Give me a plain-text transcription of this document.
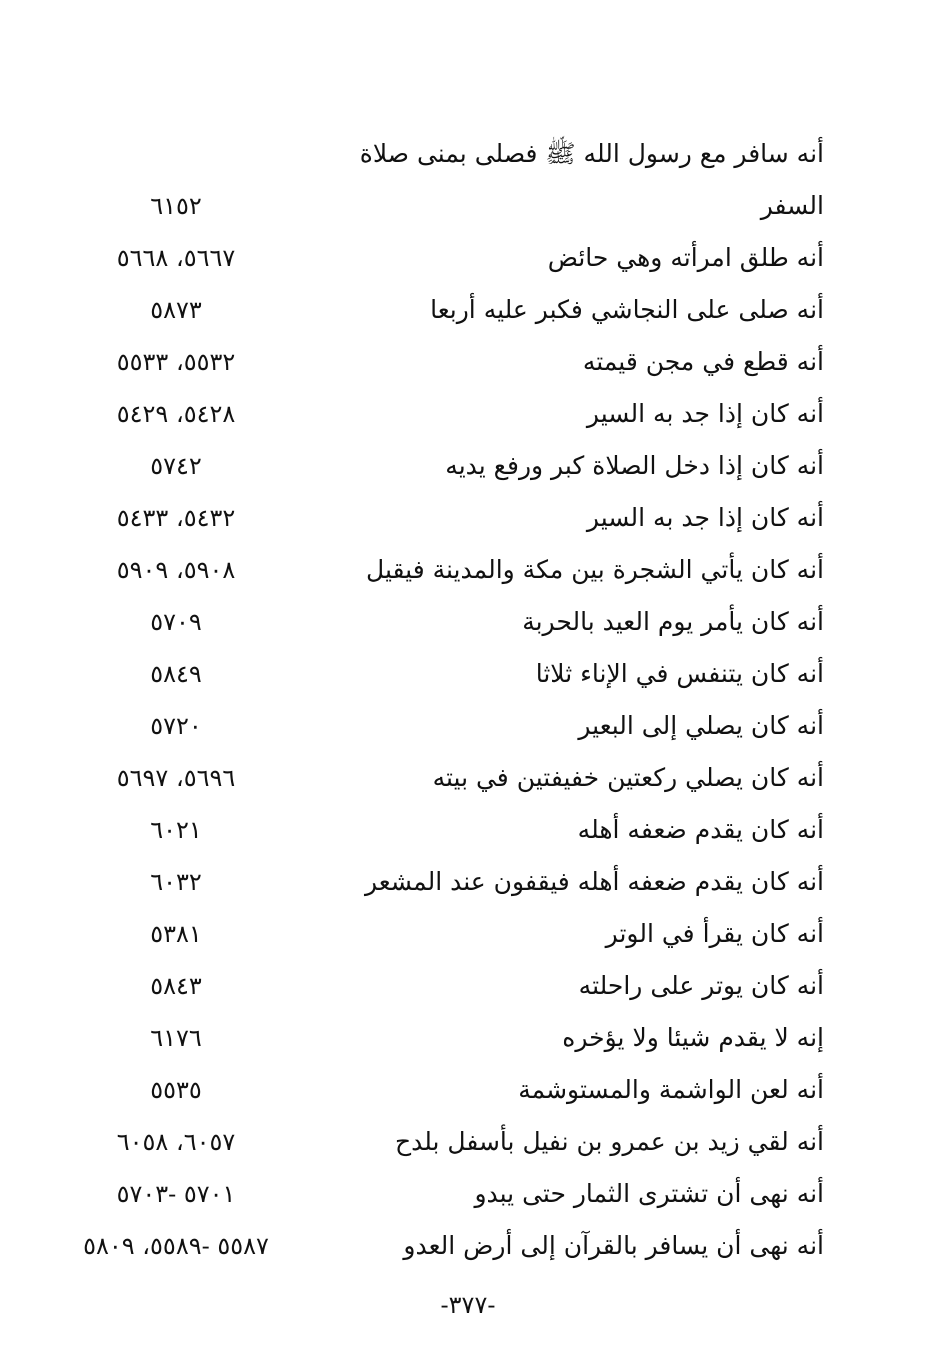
أنه سافر مع رسول الله ﷺ فصلى بمنى صلاة
السفر
٦١٥٢
أنه طلق امرأته وهي حائض
٥٦٦٧، ٥٦٦٨
أنه صلى على النجاشي فكبر عليه أربعا
٥٨٧٣
أنه قطع في مجن قيمته
٥٥٣٢، ٥٥٣٣
أنه كان إذا جد به السير
٥٤٢٨، ٥٤٢٩
أنه كان إذا دخل الصلاة كبر ورفع يديه
٥٧٤٢
أنه كان إذا جد به السير
٥٤٣٢، ٥٤٣٣
أنه كان يأتي الشجرة بين مكة والمدينة فيقيل
٥٩٠٨، ٥٩٠٩
أنه كان يأمر يوم العيد بالحربة
٥٧٠٩
أنه كان يتنفس في الإناء ثلاثا
٥٨٤٩
أنه كان يصلي إلى البعير
٥٧٢٠
أنه كان يصلي ركعتين خفيفتين في بيته
٥٦٩٦، ٥٦٩٧
أنه كان يقدم ضعفه أهله
٦٠٢١
أنه كان يقدم ضعفه أهله فيقفون عند المشعر
٦٠٣٢
أنه كان يقرأ في الوتر
٥٣٨١
أنه كان يوتر على راحلته
٥٨٤٣
إنه لا يقدم شيئا ولا يؤخره
٦١٧٦
أنه لعن الواشمة والمستوشمة
٥٥٣٥
أنه لقي زيد بن عمرو بن نفيل بأسفل بلدح
٦٠٥٧، ٦٠٥٨
أنه نهى أن تشترى الثمار حتى يبدو
٥٧٠١ -٥٧٠٣
أنه نهى أن يسافر بالقرآن إلى أرض العدو
٥٥٨٧ -٥٥٨٩، ٥٨٠٩
-٣٧٧-
